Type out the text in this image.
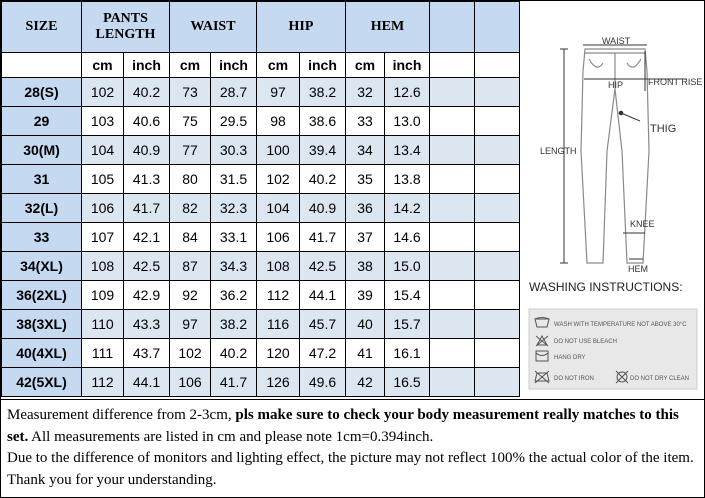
SIZE	PANTS
LENGTH		WAIST		HIP		HEM			
	cm	inch	cm	inch	cm	inch	cm	inch		
28(S)	102	40.2	73	28.7	97	38.2	32	12.6		
29	103	40.6	75	29.5	98	38.6	33	13.0		
30(M)	104	40.9	77	30.3	100	39.4	34	13.4		
31	105	41.3	80	31.5	102	40.2	35	13.8		
32(L)	106	41.7	82	32.3	104	40.9	36	14.2		
33	107	42.1	84	33.1	106	41.7	37	14.6		
34(XL)	108	42.5	87	34.3	108	42.5	38	15.0		
36(2XL)	109	42.9	92	36.2	112	44.1	39	15.4		
38(3XL)	110	43.3	97	38.2	116	45.7	40	15.7		
40(4XL)	111	43.7	102	40.2	120	47.2	41	16.1		
42(5XL)	112	44.1	106	41.7	126	49.6	42	16.5		
WAIST
HIP	FRONT RISE
THIG
LENGTH
KNEE
HEM
WASHING INSTRUCTIONS:
WASH WITH TEMPERATURE NOT ABOVE 30°C
DO NOT USE BLEACH
HANG DRY
DO NOT IRON	DO NOT DRY CLEAN
Measurement difference from 2-3cm, pls make sure to check your body measurement really matches to this set. All measurements are listed in cm and please note 1cm=0.394inch.
Due to the difference of monitors and lighting effect, the picture may not reflect 100% the actual color of the item. Thank you for your understanding.
